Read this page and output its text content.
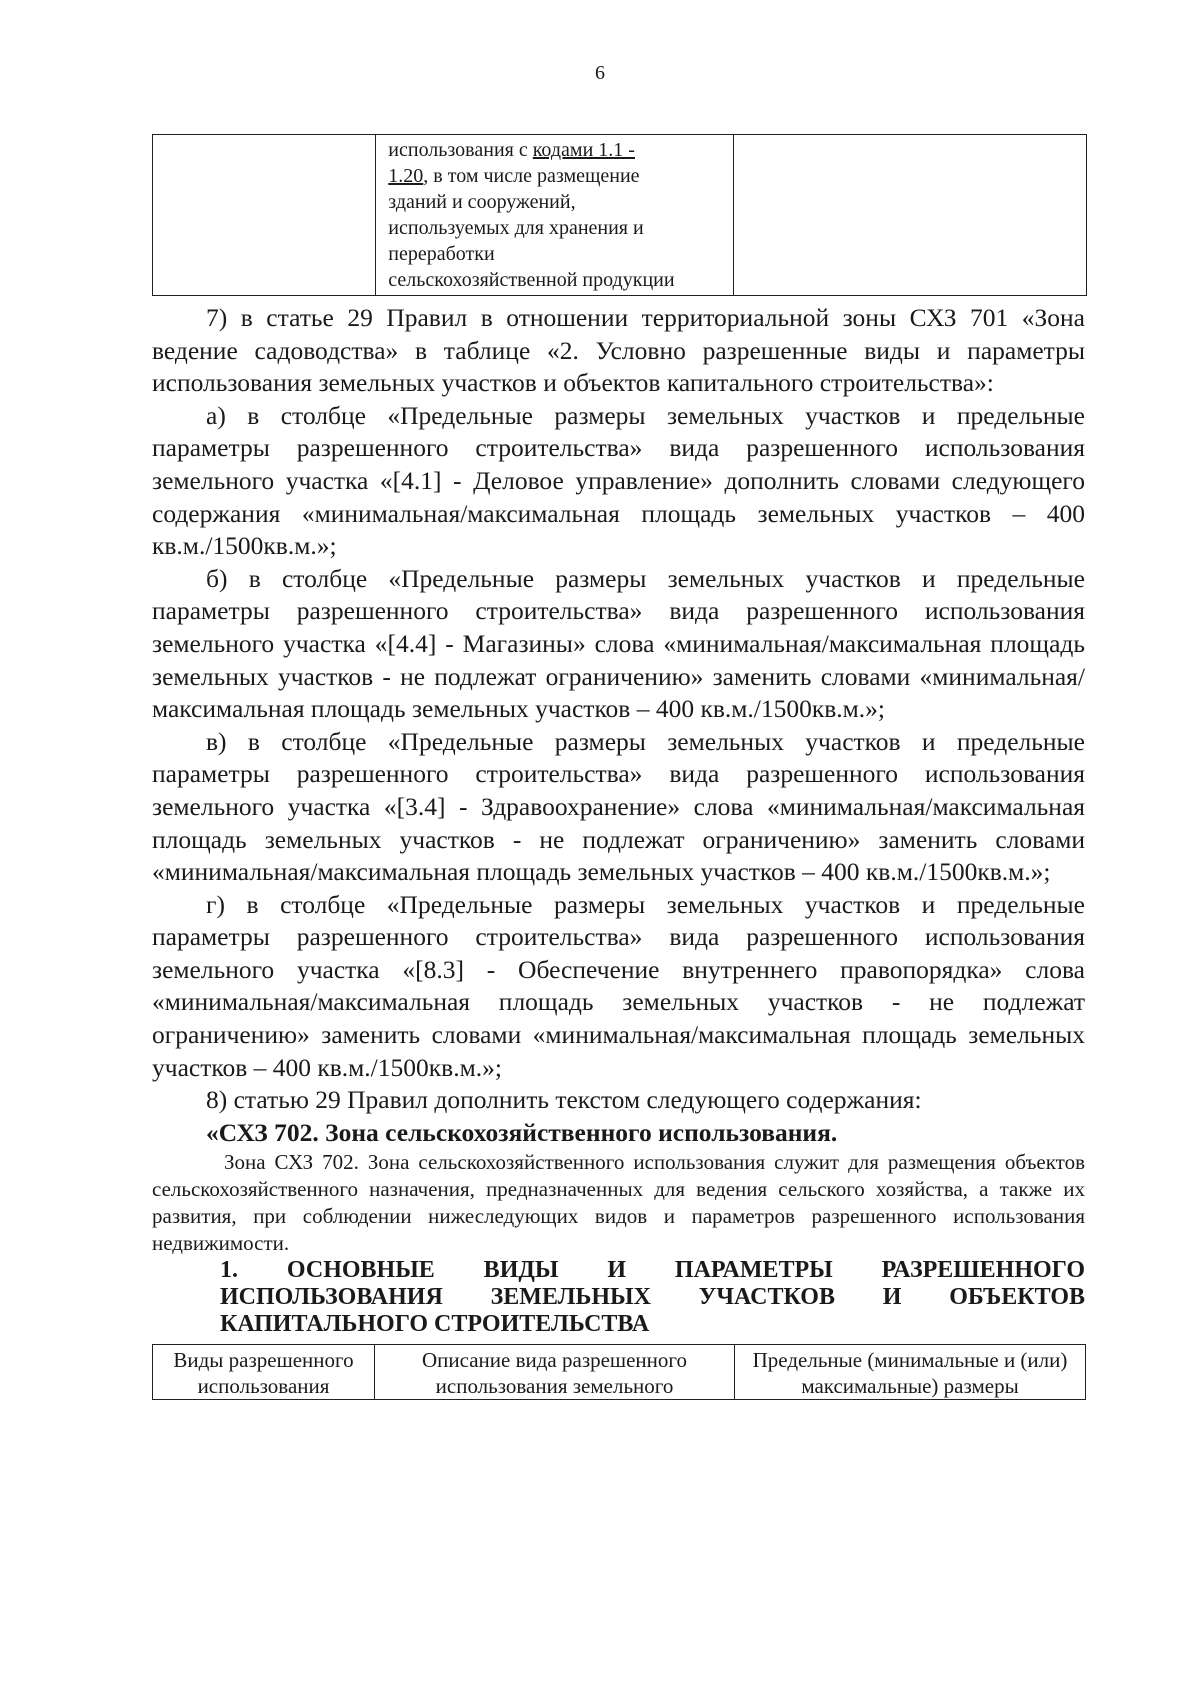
6

использования с кодами 1.1 -
1.20, в том числе размещение
зданий и сооружений,
используемых для хранения и
переработки
сельскохозяйственной продукции

7) в статье 29 Правил в отношении территориальной зоны СХЗ 701 «Зона ведение садоводства» в таблице «2. Условно разрешенные виды и параметры использования земельных участков и объектов капитального строительства»:

а) в столбце «Предельные размеры земельных участков и предельные параметры разрешенного строительства» вида разрешенного использования земельного участка «[4.1] - Деловое управление» дополнить словами следующего содержания «минимальная/максимальная площадь земельных участков – 400 кв.м./1500кв.м.»;

б) в столбце «Предельные размеры земельных участков и предельные параметры разрешенного строительства» вида разрешенного использования земельного участка «[4.4] - Магазины» слова «минимальная/максимальная площадь земельных участков - не подлежат ограничению» заменить словами «минимальная/максимальная площадь земельных участков – 400 кв.м./1500кв.м.»;

в) в столбце «Предельные размеры земельных участков и предельные параметры разрешенного строительства» вида разрешенного использования земельного участка «[3.4] - Здравоохранение» слова «минимальная/максимальная площадь земельных участков - не подлежат ограничению» заменить словами «минимальная/максимальная площадь земельных участков – 400 кв.м./1500кв.м.»;

г) в столбце «Предельные размеры земельных участков и предельные параметры разрешенного строительства» вида разрешенного использования земельного участка «[8.3] - Обеспечение внутреннего правопорядка» слова «минимальная/максимальная площадь земельных участков - не подлежат ограничению» заменить словами «минимальная/максимальная площадь земельных участков – 400 кв.м./1500кв.м.»;

8) статью 29 Правил дополнить текстом следующего содержания:

«СХЗ 702. Зона сельскохозяйственного использования.

Зона СХЗ 702. Зона сельскохозяйственного использования служит для размещения объектов сельскохозяйственного назначения, предназначенных для ведения сельского хозяйства, а также их развития, при соблюдении нижеследующих видов и параметров разрешенного использования недвижимости.

1. ОСНОВНЫЕ ВИДЫ И ПАРАМЕТРЫ РАЗРЕШЕННОГО ИСПОЛЬЗОВАНИЯ ЗЕМЕЛЬНЫХ УЧАСТКОВ И ОБЪЕКТОВ КАПИТАЛЬНОГО СТРОИТЕЛЬСТВА

Виды разрешенного использования	Описание вида разрешенного использования земельного	Предельные (минимальные и (или) максимальные) размеры
